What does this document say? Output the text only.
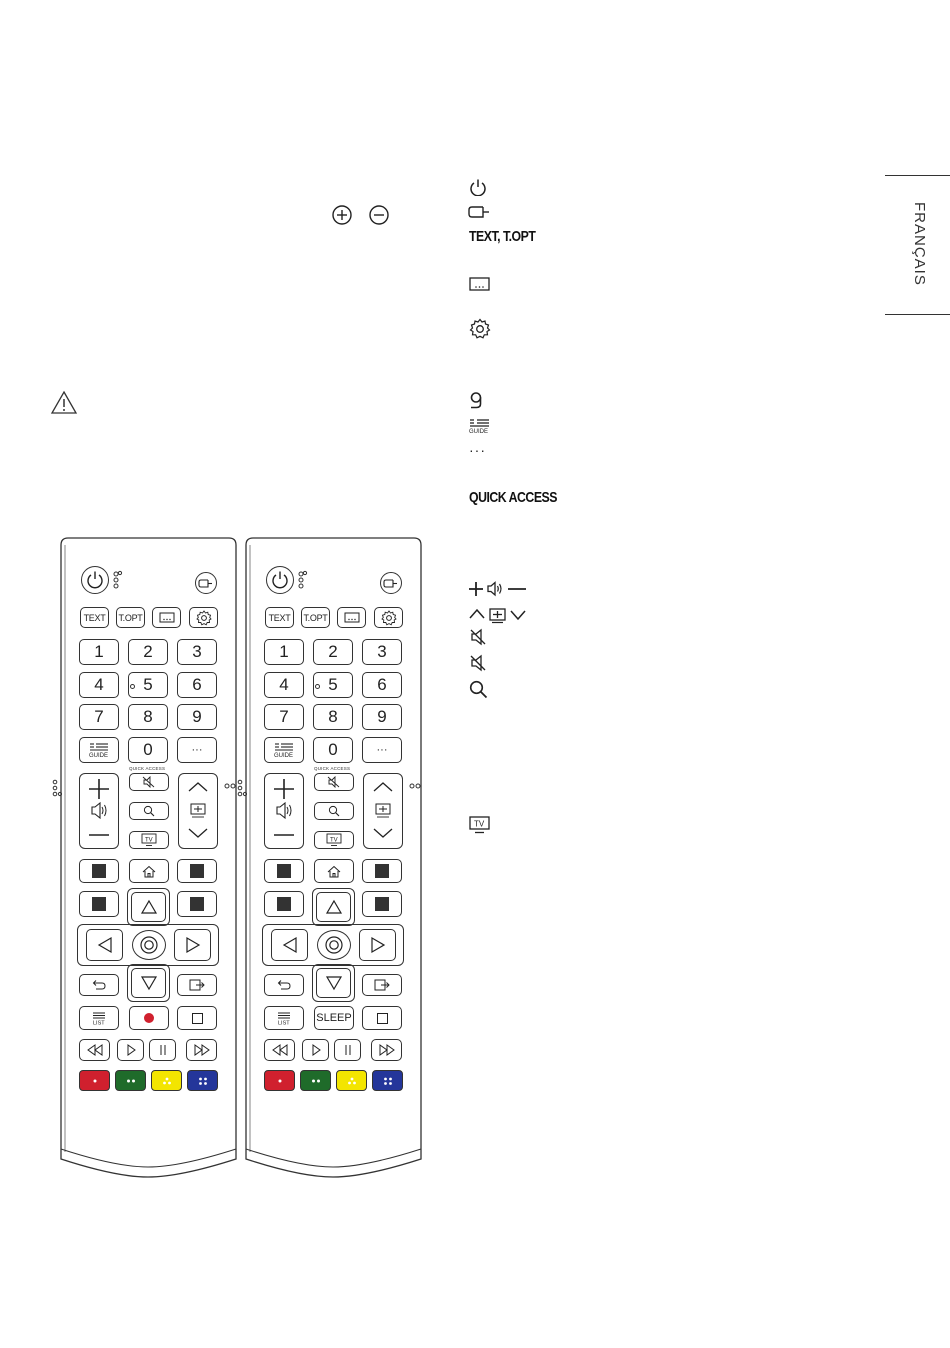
FRANÇAIS
TEXT, T.OPT
GUIDE
···
QUICK ACCESS
TV
TEXT	T.OPT
1	2	3
4	5	6
7	8	9
GUIDE	0	···
QUICK ACCESS
TV
LIST
TEXT	T.OPT
1	2	3
4	5	6
7	8	9
GUIDE	0	···
QUICK ACCESS
TV
LIST SLEEP
